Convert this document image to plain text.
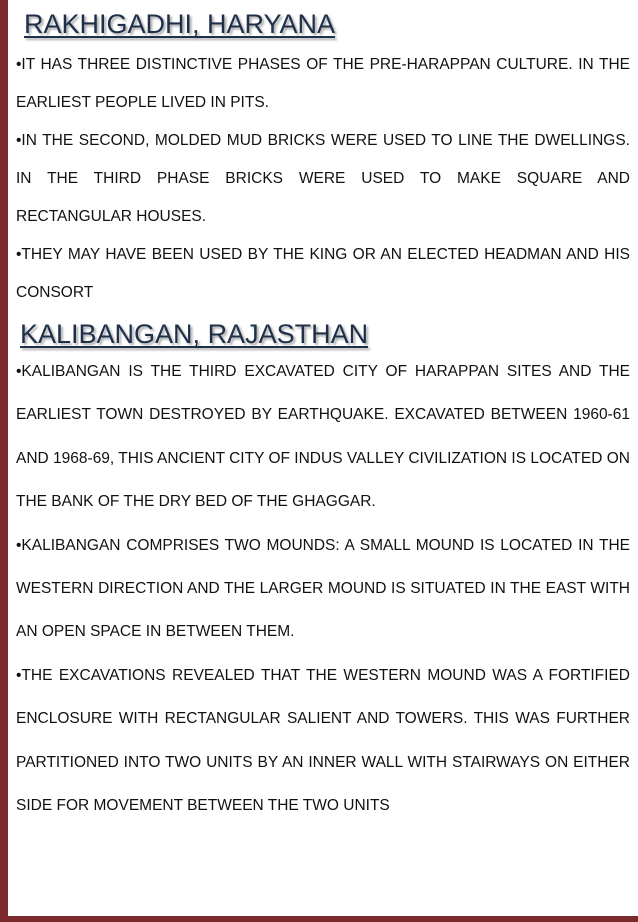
RAKHIGADHI, HARYANA

•IT HAS THREE DISTINCTIVE PHASES OF THE PRE-HARAPPAN CULTURE. IN THE EARLIEST PEOPLE LIVED IN PITS.

•IN THE SECOND, MOLDED MUD BRICKS WERE USED TO LINE THE DWELLINGS. IN THE THIRD PHASE BRICKS WERE USED TO MAKE SQUARE AND RECTANGULAR HOUSES.

•THEY MAY HAVE BEEN USED BY THE KING OR AN ELECTED HEADMAN AND HIS CONSORT

KALIBANGAN, RAJASTHAN

•KALIBANGAN IS THE THIRD EXCAVATED CITY OF HARAPPAN SITES AND THE EARLIEST TOWN DESTROYED BY EARTHQUAKE. EXCAVATED BETWEEN 1960-61 AND 1968-69, THIS ANCIENT CITY OF INDUS VALLEY CIVILIZATION IS LOCATED ON THE BANK OF THE DRY BED OF THE GHAGGAR.

•KALIBANGAN COMPRISES TWO MOUNDS: A SMALL MOUND IS LOCATED IN THE WESTERN DIRECTION AND THE LARGER MOUND IS SITUATED IN THE EAST WITH AN OPEN SPACE IN BETWEEN THEM.

•THE EXCAVATIONS REVEALED THAT THE WESTERN MOUND WAS A FORTIFIED ENCLOSURE WITH RECTANGULAR SALIENT AND TOWERS. THIS WAS FURTHER PARTITIONED INTO TWO UNITS BY AN INNER WALL WITH STAIRWAYS ON EITHER SIDE FOR MOVEMENT BETWEEN THE TWO UNITS
